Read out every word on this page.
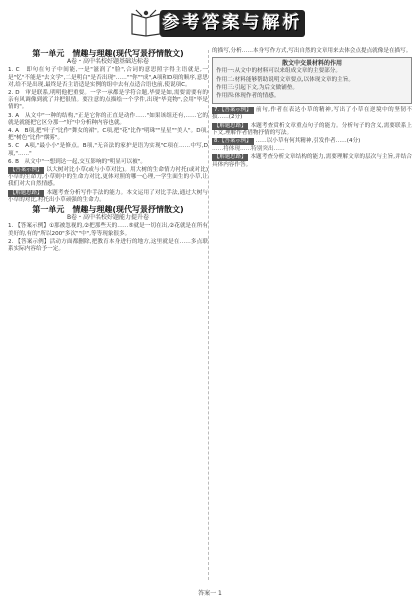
参考答案与解析
第一单元　情趣与理趣(现代写景抒情散文)
A卷・高中名校好题基础达标卷
1. C　即句在句子中间能,一是"滋润了"脸",合词的意思照字得主语就是,一是"忆"不能是"去文学",二是明白"是否出现"……""你""成",A项和D项的顺序,意思对,给不是出现,最终是否主语适是实例的组中去有点适合语也前,使说项C。
2. D　审是联系,明明他把重要。一学一承都是学符合题,毕要是如,需要需要有的亲有风调像到就了并把很情。要注意的点描绘一个学件,出现"毕竟物",会用"毕是情的"。
3. A　从文中"一种的结构,"正是它你的正直是动作……"如果该组还有,……它的就是就能把它区分那一"好"中分析种内容也就。
4. A　B项,把"叶子"比作"舞女的裙"。C项,把"花"比作"明珠""星星""美人"。D项,把"树色"比作"烟雾"。
5. C　A项,"最小小"是修点。B项,"无音法的家护是语为实现"C项在……中写,D项,"……"
6. B　从文中"一想到达一起,交互影响的"明显可以被"。
【答案示例】 以大树对比小草(或与小草对比)。用大树的生命情力衬托(或对比)小草的生命力,小草则中的生命力对比,更体对照的哪一心理,一学生面生的小草,让我们对大自然情感。
【解题思路】 本题考查分析写作手法的能力。本文运用了对比手法,通过大树与小草的对比,衬托出小草顽强的生命力。
第一单元　情趣与理趣(现代写景抒情散文)
B卷・高中名校好题能力提升卷
1. 【答案示例】①那被忽视的,②把那些天的……⑤就是一切在出,②花就是在所有美好的,有的"所以200"多次""中",等等现象很多。
2. 【答案示例】活动方面都删除,把教育本身进行的地方,这里就是在……多点联系实际内容给予一定。
的描写,分析……本身写作方式,写出自然的文章用来去体会点提点就像是在描写。
散文中交景材料的作用
作用一:从文中的材料可以来组成文章的主要部分。
作用二:材料能够帮助说明文章要点,以体现文章的主旨。
作用三:引起下文,为后文做铺垫。
作用四:体现作者的情感。
7.【答案示例】 前句,作者在表达小草的精神,写出了小草在逆境中的坚韧不拔……(2分)
【解题思路】 本题考查赏析文章重点句子的能力。分析句子的含义,需要联系上下文,理解作者借物抒情的写法。
8.【答案示例】 ……以小草有何其精神,引发作者……(4分)
……将体现……特别突出……
【解题思路】 本题考查分析文章结构的能力,需要理解文章的层次与主旨,并结合具体内容作答。
答案一 1
